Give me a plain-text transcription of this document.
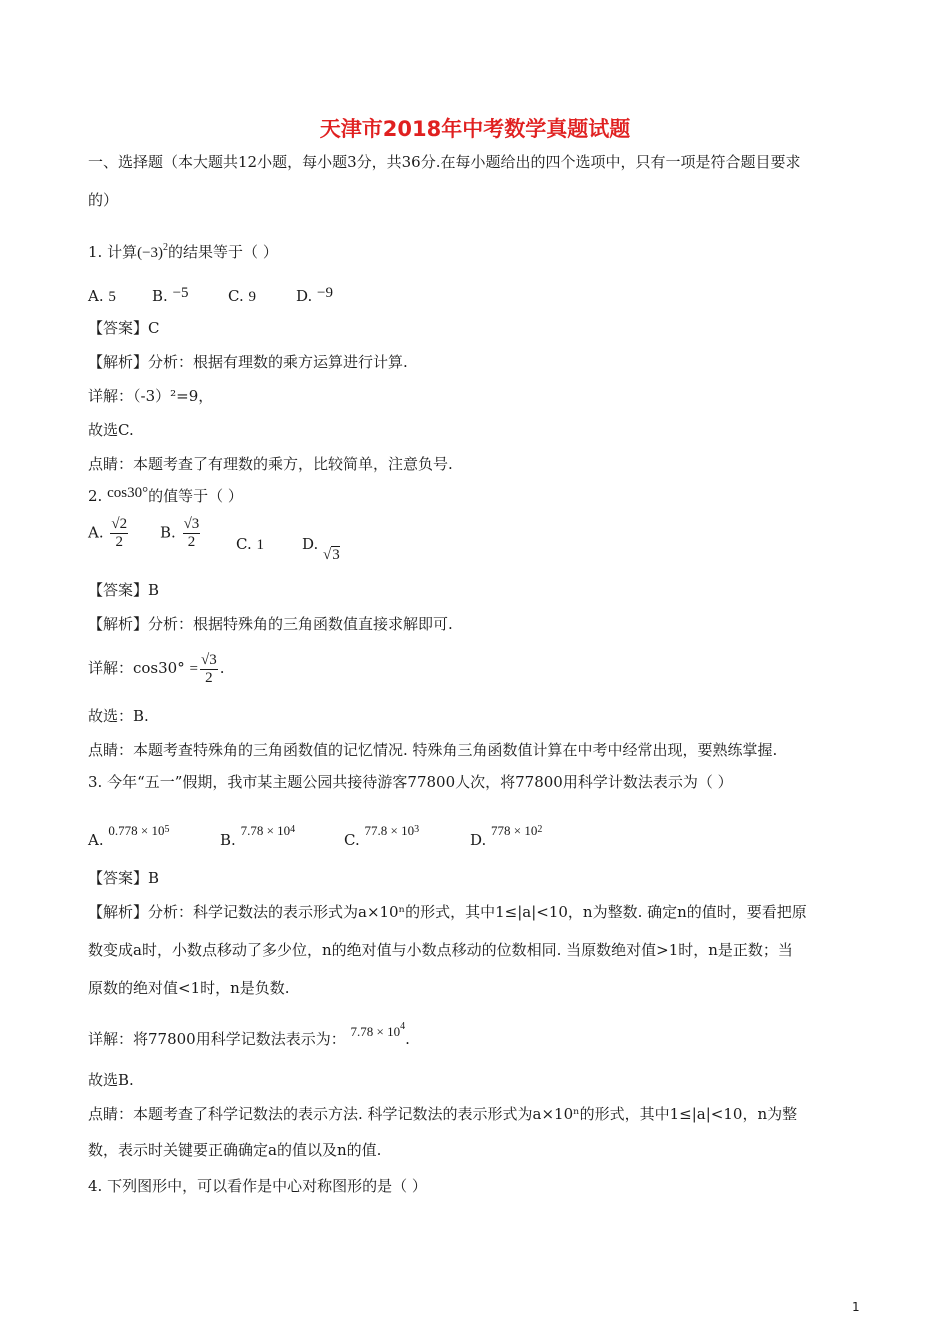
天津市2018年中考数学真题试题
一、选择题（本大题共12小题，每小题3分，共36分.在每小题给出的四个选项中，只有一项是符合题目要求
的）
1. 计算$(-3)^2$的结果等于（ ）
A. 5 B. −5	C. 9	D. −9
【答案】C
【解析】分析：根据有理数的乘方运算进行计算.
详解：（-3）²=9，
故选C.
点睛：本题考查了有理数的乘方，比较简单，注意负号.
2. cos30°的值等于（ ）
A. $\frac{√2}{2} B$. $\frac{√3}{2} C$. 1	D. √3
【答案】B
【解析】分析：根据特殊角的三角函数值直接求解即可.
详解：$\cos 30^\circ = \frac{√3}{2}$ .
故选：B.
点睛：本题考查特殊角的三角函数值的记忆情况. 特殊角三角函数值计算在中考中经常出现，要熟练掌握.
3. 今年“五一”假期，我市某主题公园共接待游客77800人次，将77800用科学计数法表示为（ ）
A. $0.778 \times 10^5$
B. $7.78 \times 10^4$
C. $77.8 \times 10^3$
D. $778 \times 10^2$
【答案】B
【解析】分析：科学记数法的表示形式为a×10ⁿ的形式，其中1≤|a|<10，n为整数. 确定n的值时，要看把原
数变成a时，小数点移动了多少位，n的绝对值与小数点移动的位数相同. 当原数绝对值>1时，n是正数；当
原数的绝对值<1时，n是负数.
详解：将77800用科学记数法表示为： $7.78 \times 10^4$.
故选B.
点睛：本题考查了科学记数法的表示方法. 科学记数法的表示形式为a×10ⁿ的形式，其中1≤|a|<10，n为整
数，表示时关键要正确确定a的值以及n的值.
4. 下列图形中，可以看作是中心对称图形的是（ ）
1
